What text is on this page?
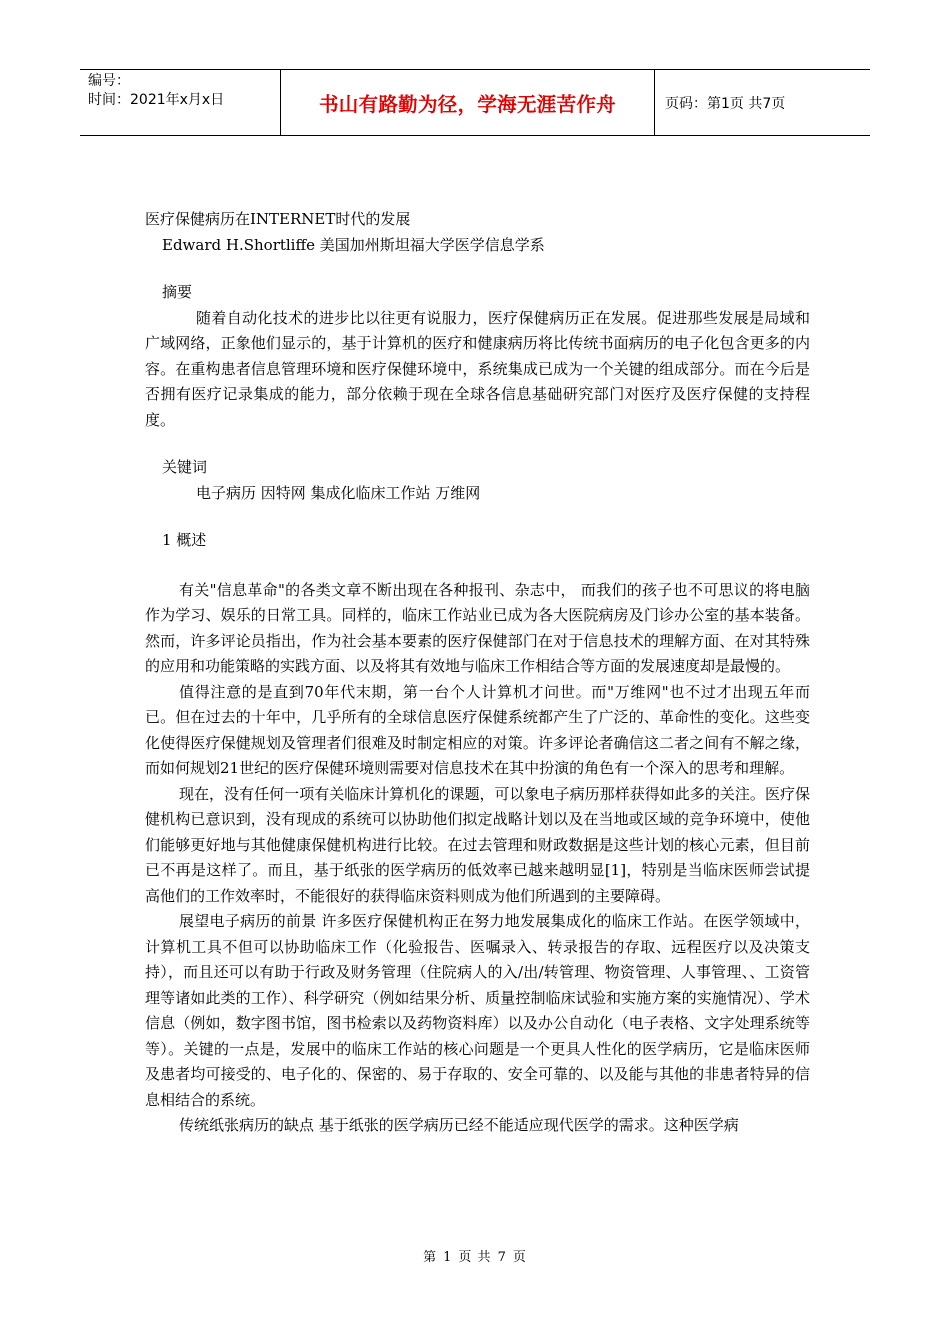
编号：
时间：2021年x月x日	书山有路勤为径，学海无涯苦作舟	页码：第1页 共7页

医疗保健病历在INTERNET时代的发展

Edward H.Shortliffe 美国加州斯坦福大学医学信息学系

摘要

随着自动化技术的进步比以往更有说服力，医疗保健病历正在发展。促进那些发展是局域和广域网络，正象他们显示的，基于计算机的医疗和健康病历将比传统书面病历的电子化包含更多的内容。在重构患者信息管理环境和医疗保健环境中，系统集成已成为一个关键的组成部分。而在今后是否拥有医疗记录集成的能力，部分依赖于现在全球各信息基础研究部门对医疗及医疗保健的支持程度。

关键词

电子病历 因特网 集成化临床工作站 万维网

1 概述

有关"信息革命"的各类文章不断出现在各种报刊、杂志中， 而我们的孩子也不可思议的将电脑作为学习、娱乐的日常工具。同样的，临床工作站业已成为各大医院病房及门诊办公室的基本装备。然而，许多评论员指出，作为社会基本要素的医疗保健部门在对于信息技术的理解方面、在对其特殊的应用和功能策略的实践方面、以及将其有效地与临床工作相结合等方面的发展速度却是最慢的。

值得注意的是直到70年代末期，第一台个人计算机才问世。而"万维网"也不过才出现五年而已。但在过去的十年中，几乎所有的全球信息医疗保健系统都产生了广泛的、革命性的变化。这些变化使得医疗保健规划及管理者们很难及时制定相应的对策。许多评论者确信这二者之间有不解之缘，而如何规划21世纪的医疗保健环境则需要对信息技术在其中扮演的角色有一个深入的思考和理解。

现在，没有任何一项有关临床计算机化的课题，可以象电子病历那样获得如此多的关注。医疗保健机构已意识到，没有现成的系统可以协助他们拟定战略计划以及在当地或区域的竞争环境中，使他们能够更好地与其他健康保健机构进行比较。在过去管理和财政数据是这些计划的核心元素，但目前已不再是这样了。而且，基于纸张的医学病历的低效率已越来越明显[1]，特别是当临床医师尝试提高他们的工作效率时，不能很好的获得临床资料则成为他们所遇到的主要障碍。

展望电子病历的前景 许多医疗保健机构正在努力地发展集成化的临床工作站。在医学领域中，计算机工具不但可以协助临床工作（化验报告、医嘱录入、转录报告的存取、远程医疗以及决策支持），而且还可以有助于行政及财务管理（住院病人的入/出/转管理、物资管理、人事管理、、工资管理等诸如此类的工作）、科学研究（例如结果分析、质量控制临床试验和实施方案的实施情况）、学术信息（例如，数字图书馆，图书检索以及药物资料库）以及办公自动化（电子表格、文字处理系统等等）。关键的一点是，发展中的临床工作站的核心问题是一个更具人性化的医学病历，它是临床医师及患者均可接受的、电子化的、保密的、易于存取的、安全可靠的、以及能与其他的非患者特异的信息相结合的系统。

传统纸张病历的缺点 基于纸张的医学病历已经不能适应现代医学的需求。这种医学病

第 1 页 共 7 页
